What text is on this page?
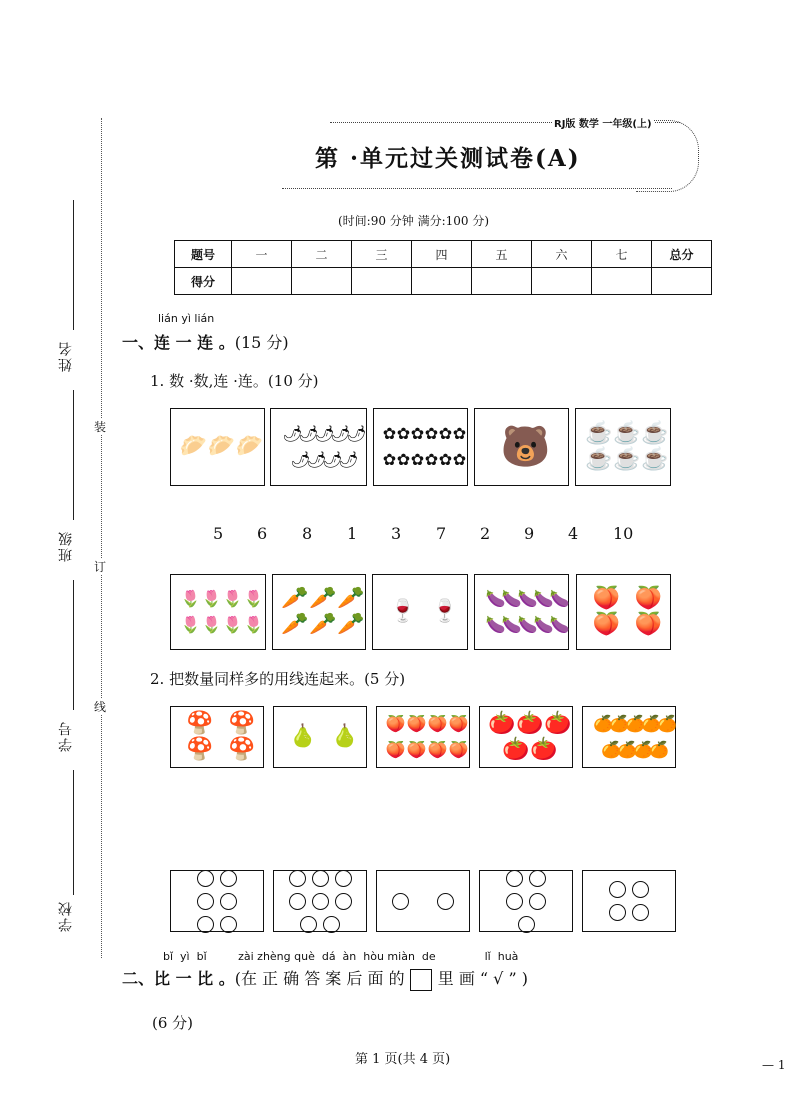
姓名
班级
学号
学校
装
订
线
RJ版 数学 一年级(上)
第 ·单元过关测试卷(A)
(时间:90 分钟 满分:100 分)
题号	一	二	三	四	五	六	七	总分
得分								
lián yì lián
一、连 一 连 。(15 分)
1. 数 ·数,连 ·连。(10 分)
🥟 🥟 🥟
🌶
🌶
🌶
🌶
🌶
🌶
🌶
🌶
🌶
✿ ✿ ✿ ✿ ✿ ✿
✿ ✿ ✿ ✿ ✿ ✿ 🐻	☕ ☕ ☕
☕ ☕ ☕
5 6 8 1 3 7 2 9 4 10
🌷 🌷 🌷 🌷
🌷 🌷 🌷 🌷
🥕 🥕 🥕
🥕 🥕 🥕
🍷 🍷
🍆
🍆
🍆
🍆
🍆
🍆
🍆
🍆
🍆
🍆
🍑 🍑
🍑 🍑
2. 把数量同样多的用线连起来。(5 分)
🍄 🍄
🍄 🍄
🍐 🍐
🍑 🍑 🍑 🍑
🍑 🍑 🍑 🍑
🍅 🍅 🍅
🍅 🍅
🍊
🍊
🍊
🍊
🍊
🍊
🍊
🍊
🍊
bǐ  yì  bǐ         zài zhèng què  dá  àn  hòu miàn  de              lǐ  huà
二、比 一 比 。(在 正 确 答 案 后 面 的 里 画 “ √ ” )
(6 分)
第 1 页(共 4 页)	— 1
